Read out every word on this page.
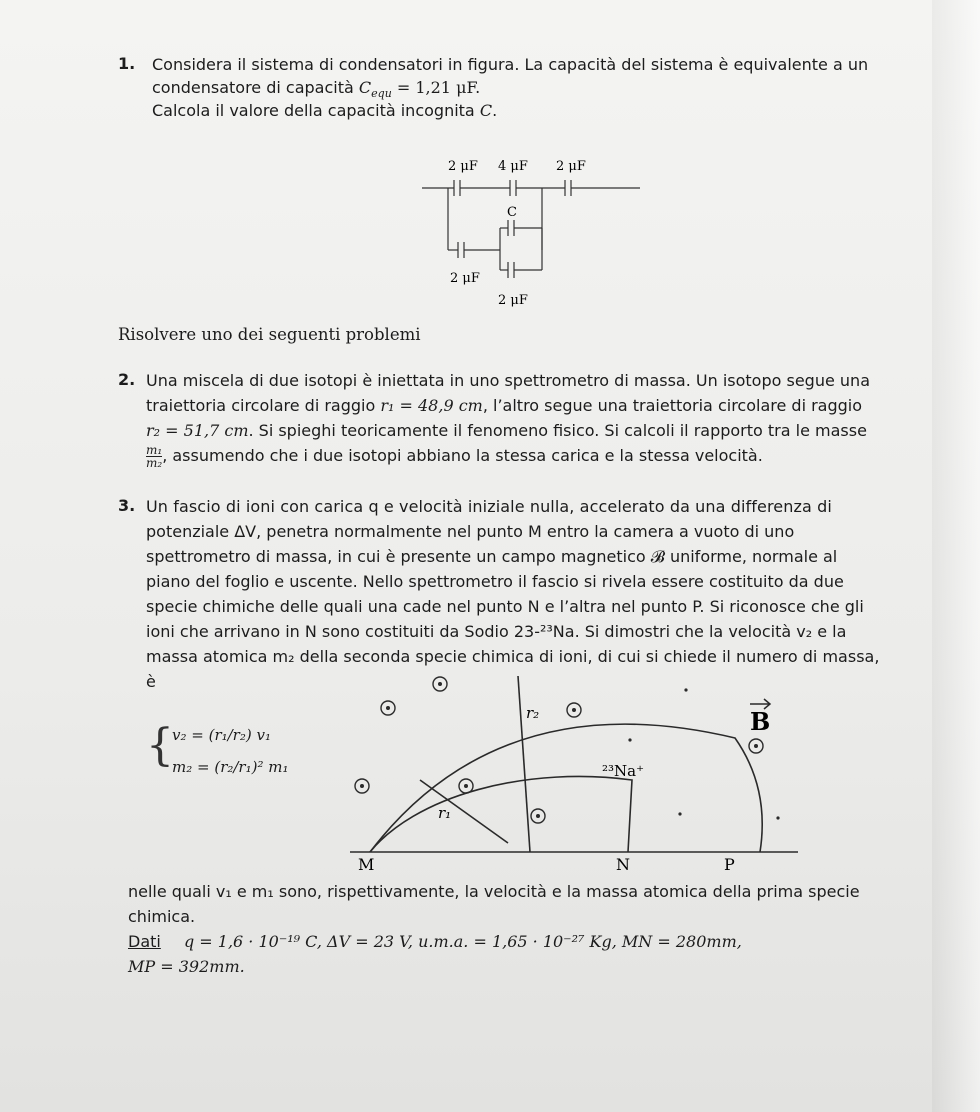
1. Considera il sistema di condensatori in figura. La capacità del sistema è equivalente a un

condensatore di capacità $C_{equ} = 1,21$ μF.

Calcola il valore della capacità incognita C.

2 μF 4 μF 2 μF
C
2 μF
2 μF

Risolvere uno dei seguenti problemi

2. Una miscela di due isotopi è iniettata in uno spettrometro di massa. Un isotopo segue una

traiettoria circolare di raggio r₁ = 48,9 cm, l’altro segue una traiettoria circolare di raggio

r₂ = 51,7 cm. Si spieghi teoricamente il fenomeno fisico. Si calcoli il rapporto tra le masse

$\frac{\text{m₁}}{\text{m₂}}$ , assumendo che i due isotopi abbiano la stessa carica e la stessa velocità.

3. Un fascio di ioni con carica q e velocità iniziale nulla, accelerato da una differenza di

potenziale ΔV, penetra normalmente nel punto M entro la camera a vuoto di uno

spettrometro di massa, in cui è presente un campo magnetico 𝓑 uniforme, normale al

piano del foglio e uscente. Nello spettrometro il fascio si rivela essere costituito da due

specie chimiche delle quali una cade nel punto N e l’altra nel punto P. Si riconosce che gli

ioni che arrivano in N sono costituiti da Sodio 23-²³Na. Si dimostri che la velocità v₂ e la

massa atomica m₂ della seconda specie chimica di ioni, di cui si chiede il numero di massa,

è

{
v₂ = (r₁/r₂) v₁
m₂ = (r₂/r₁)² m₁
B
M	N	P
r₁
r₂
²³Na⁺

nelle quali v₁ e m₁ sono, rispettivamente, la velocità e la massa atomica della prima specie

chimica.

Dati q = 1,6 · 10⁻¹⁹ C, ΔV = 23 V, u.m.a. = 1,65 · 10⁻²⁷ Kg, MN = 280mm,

MP = 392mm.
